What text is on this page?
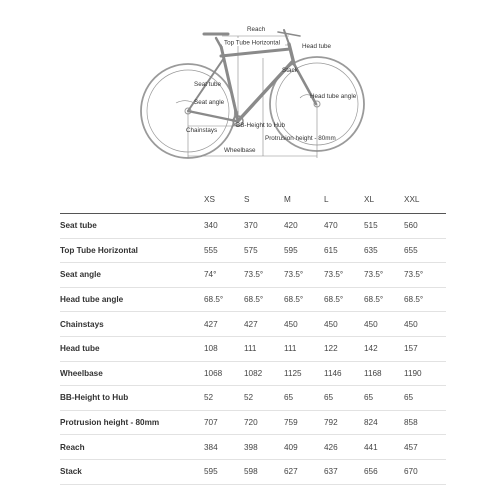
Reach
Top Tube Horizontal	Head tube
Stack
Seat tube
Seat angle
Head tube angle
Chainstays
BB-Height to Hub
Protrusion height - 80mm
Wheelbase
	XS	S	M	L	XL	XXL
Seat tube	340	370	420	470	515	560
Top Tube Horizontal	555	575	595	615	635	655
Seat angle	74°	73.5°	73.5°	73.5°	73.5°	73.5°
Head tube angle	68.5°	68.5°	68.5°	68.5°	68.5°	68.5°
Chainstays	427	427	450	450	450	450
Head tube	108	111	111	122	142	157
Wheelbase	1068	1082	1125	1146	1168	1190
BB-Height to Hub	52	52	65	65	65	65
Protrusion height - 80mm	707	720	759	792	824	858
Reach	384	398	409	426	441	457
Stack	595	598	627	637	656	670
